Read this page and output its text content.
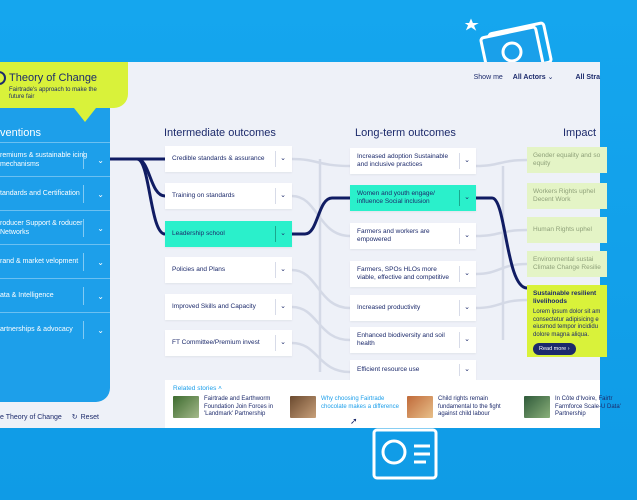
Show me All Actors ⌄	All Stra
ventions
remiums & sustainable icing mechanisms	⌄
tandards and Certification	⌄
roducer Support & roducer Networks	⌄
rand & market velopment	⌄
ata & Intelligence	⌄
artnerships & advocacy	⌄
Theory of Change
Fairtrade's approach to make the future fair
e Theory of Change ↻ Reset
Intermediate outcomes	Long-term outcomes	Impact
Credible standards & assurance	⌄
Training on standards	⌄
Leadership school	⌄
Policies and Plans	⌄
Improved Skills and Capacity	⌄
FT Committee/Premium invest	⌄
Increased adoption Sustainable and inclusive practices
⌄
Women and youth engage/ influence Social inclusion
⌄
Farmers and workers are empowered
⌄
Farmers, SPOs HLOs more viable, effective and competitive
⌄
Increased productivity	⌄
Enhanced biodiversity and soil health
⌄
Efficient resource use	⌄
Gender equality and so equity
Workers Rights uphel Decent Work
Human Rights uphel
Environmental sustai Climate Change Resilie
Sustainable resilient livelihoods
Lorem ipsum dolor sit am consectetur adipisicing e eiusmod tempor incididu dolore magna aliqua.
Read more ›
Related stories ˄
Fairtrade and Earthworm Foundation Join Forces in 'Landmark' Partnership
Why choosing Fairtrade chocolate makes a difference
Child rights remain fundamental to the fight against child labour
In Côte d'Ivoire, Fairtr Farmforce Scale-U Data' Partnership
➚
